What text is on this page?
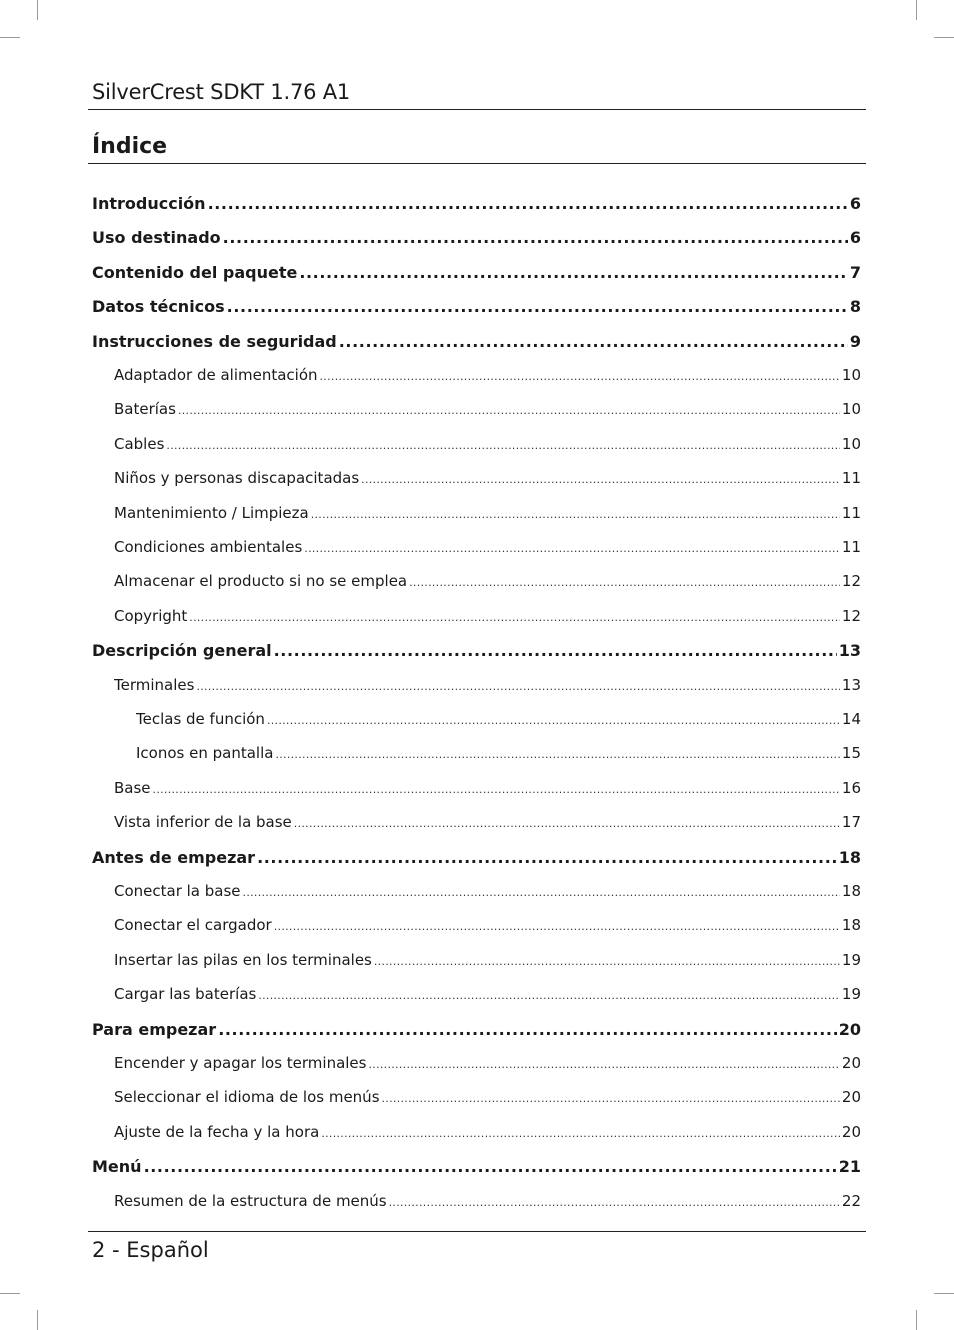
SilverCrest SDKT 1.76 A1
Índice
Introducción .....	6
Uso destinado .....	6
Contenido del paquete .....	7
Datos técnicos .....	8
Instrucciones de seguridad .....	9
Adaptador de alimentación .....	10
Baterías .....	10
Cables .....	10
Niños y personas discapacitadas .....	11
Mantenimiento / Limpieza .....	11
Condiciones ambientales .....	11
Almacenar el producto si no se emplea .....	12
Copyright .....	12
Descripción general .....	13
Terminales .....	13
Teclas de función .....	14
Iconos en pantalla .....	15
Base .....	16
Vista inferior de la base .....	17
Antes de empezar .....	18
Conectar la base .....	18
Conectar el cargador .....	18
Insertar las pilas en los terminales .....	19
Cargar las baterías .....	19
Para empezar .....	20
Encender y apagar los terminales .....	20
Seleccionar el idioma de los menús .....	20
Ajuste de la fecha y la hora .....	20
Menú .....	21
Resumen de la estructura de menús .....	22
2 - Español
